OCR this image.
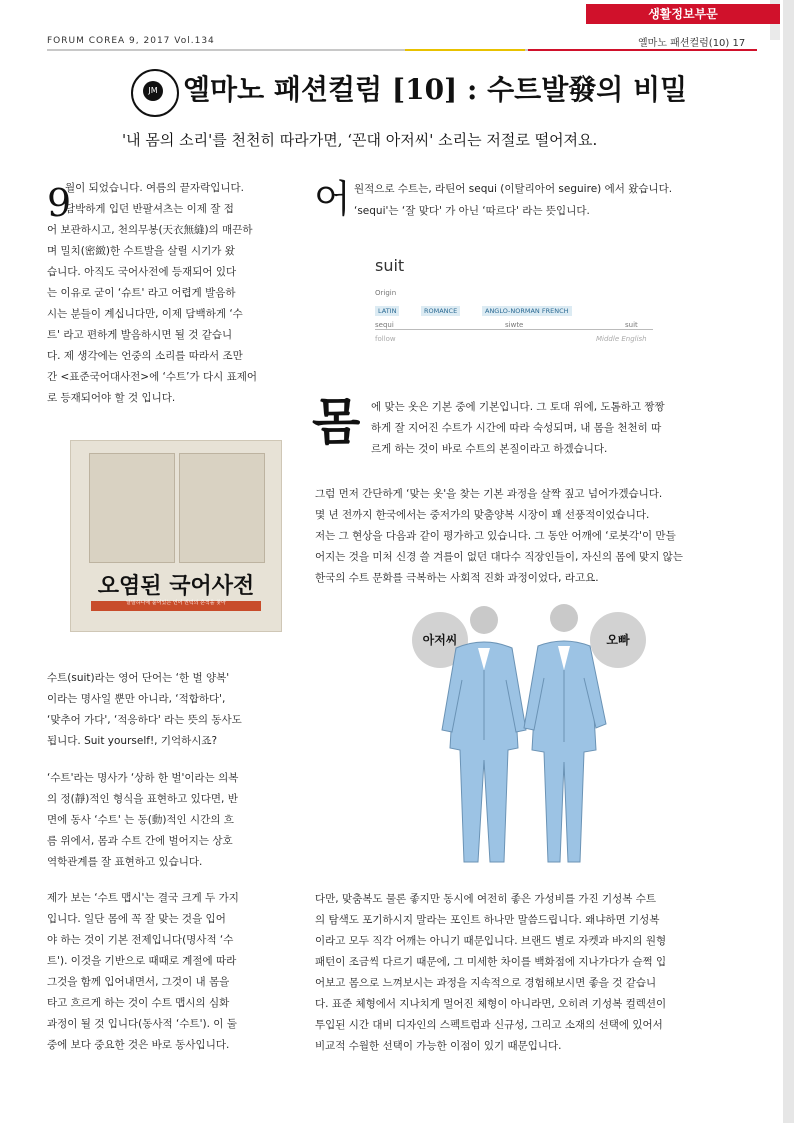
생활정보부문
FORUM COREA 9, 2017 Vol.134	옐마노 패션컬럼(10) 17
JM 옐마노 패션컬럼 [10] : 수트발發의 비밀
'내 몸의 소리'를 천천히 따라가면, ‘꼰대 아저씨' 소리는 저절로 떨어져요.
9
월이 되었습니다. 여름의 끝자락입니다.
담박하게 입던 반팔셔츠는 이제 잘 접
어 보관하시고, 천의무봉(天衣無縫)의 매끈하
며 밀치(密緻)한 수트발을 살릴 시기가 왔
습니다. 아직도 국어사전에 등재되어 있다
는 이유로 굳이 ‘슈트' 라고 어렵게 발음하
시는 분들이 계십니다만, 이제 담백하게 ‘수
트' 라고 편하게 발음하시면 될 것 같습니
다. 제 생각에는 언중의 소리를 따라서 조만
간 <표준국어대사전>에 ‘수트’가 다시 표제어
로 등재되어야 할 것 입니다.
오염된 국어사전
낱말하나에 묻어있는 언어 권력의 흔적을 찾아
수트(suit)라는 영어 단어는 ‘한 벌 양복'
이라는 명사일 뿐만 아니라, ‘적합하다',
‘맞추어 가다', ‘적응하다' 라는 뜻의 동사도
됩니다. Suit yourself!, 기억하시죠?
‘수트'라는 명사가 ‘상하 한 벌'이라는 의복
의 정(靜)적인 형식을 표현하고 있다면, 반
면에 동사 ‘수트' 는 동(動)적인 시간의 흐
름 위에서, 몸과 수트 간에 벌어지는 상호
역학관계를 잘 표현하고 있습니다.
제가 보는 ‘수트 맵시'는 결국 크게 두 가지
입니다. 일단 몸에 꼭 잘 맞는 것을 입어
야 하는 것이 기본 전제입니다(명사적 ‘수
트'). 이것을 기반으로 때때로 계절에 따라
그것을 함께 입어내면서, 그것이 내 몸을
타고 흐르게 하는 것이 수트 맵시의 심화
과정이 될 것 입니다(동사적 ‘수트'). 이 둘
중에 보다 중요한 것은 바로 동사입니다.
어 원적으로 수트는, 라틴어 sequi (이탈리아어 seguire) 에서 왔습니다.
‘sequi'는 ‘잘 맞다' 가 아닌 ‘따르다' 라는 뜻입니다.
suit
Origin
LATIN	ROMANCE	ANGLO-NORMAN FRENCH
sequi	siwte	suit
follow	Middle English
몸 에 맞는 옷은 기본 중에 기본입니다. 그 토대 위에, 도톰하고 짱짱
하게 잘 지어진 수트가 시간에 따라 숙성되며, 내 몸을 천천히 따
르게 하는 것이 바로 수트의 본질이라고 하겠습니다.
그럼 먼저 간단하게 ‘맞는 옷'을 찾는 기본 과정을 살짝 짚고 넘어가겠습니다.
몇 년 전까지 한국에서는 중저가의 맞춤양복 시장이 꽤 선풍적이었습니다.
저는 그 현상을 다음과 같이 평가하고 있습니다. 그 동안 어깨에 ‘로봇각'이 만들
어지는 것을 미처 신경 쓸 겨를이 없던 대다수 직장인들이, 자신의 몸에 맞지 않는
한국의 수트 문화를 극복하는 사회적 진화 과정이었다, 라고요.
아저씨	오빠
다만, 맞춤복도 물론 좋지만 동시에 여전히 좋은 가성비를 가진 기성복 수트
의 탐색도 포기하시지 말라는 포인트 하나만 말씀드립니다. 왜냐하면 기성복
이라고 모두 직각 어깨는 아니기 때문입니다. 브랜드 별로 자켓과 바지의 원형
패턴이 조금씩 다르기 때문에, 그 미세한 차이를 백화점에 지나가다가 슬쩍 입
어보고 몸으로 느껴보시는 과정을 지속적으로 경험해보시면 좋을 것 같습니
다. 표준 체형에서 지나치게 멀어진 체형이 아니라면, 오히려 기성복 컬렉션이
투입된 시간 대비 디자인의 스펙트럼과 신규성, 그리고 소재의 선택에 있어서
비교적 수월한 선택이 가능한 이점이 있기 때문입니다.
